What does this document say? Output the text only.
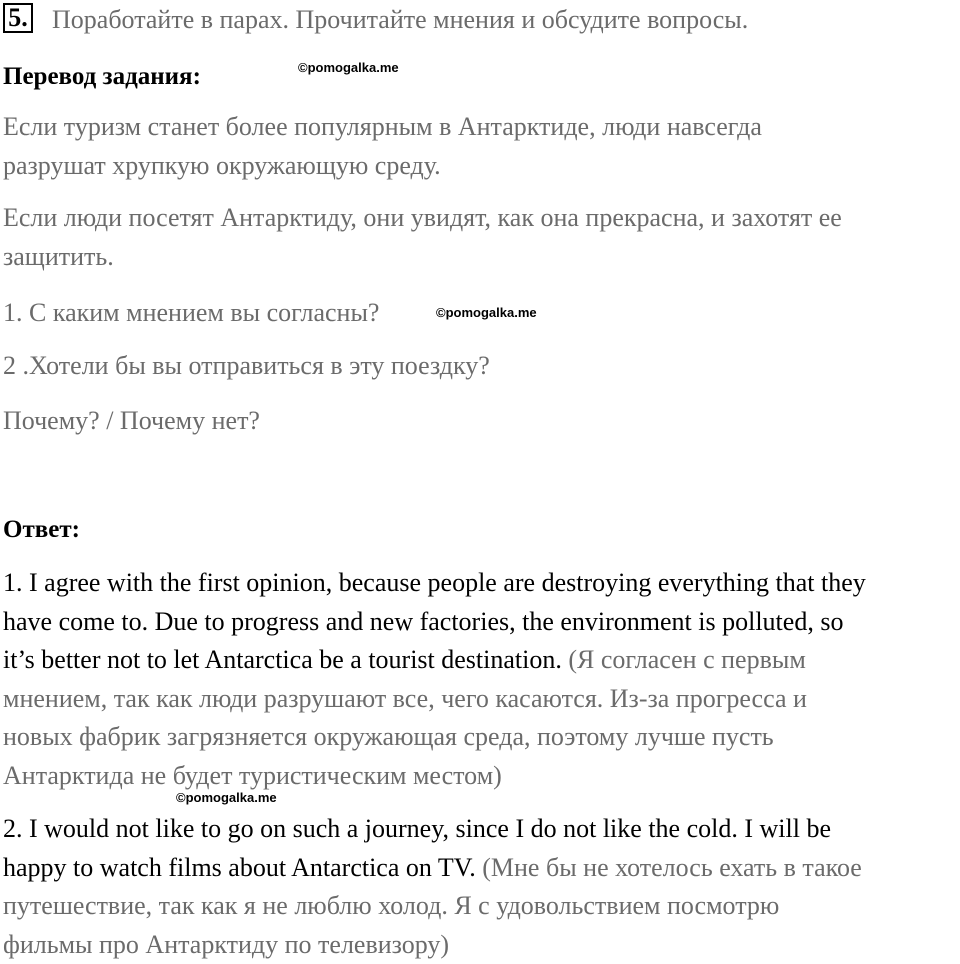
5. Поработайте в парах. Прочитайте мнения и обсудите вопросы.
Перевод задания:	©pomogalka.me
Если туризм станет более популярным в Антарктиде, люди навсегда
разрушат хрупкую окружающую среду.
Если люди посетят Антарктиду, они увидят, как она прекрасна, и захотят ее
защитить.
1. С каким мнением вы согласны?	©pomogalka.me
2 .Хотели бы вы отправиться в эту поездку?
Почему? / Почему нет?
Ответ:
1. I agree with the first opinion, because people are destroying everything that they
have come to. Due to progress and new factories, the environment is polluted, so
it’s better not to let Antarctica be a tourist destination. (Я согласен с первым
мнением, так как люди разрушают все, чего касаются. Из-за прогресса и
новых фабрик загрязняется окружающая среда, поэтому лучше пусть
Антарктида не будет туристическим местом)
©pomogalka.me
2. I would not like to go on such a journey, since I do not like the cold. I will be
happy to watch films about Antarctica on TV. (Мне бы не хотелось ехать в такое
путешествие, так как я не люблю холод. Я с удовольствием посмотрю
фильмы про Антарктиду по телевизору)
